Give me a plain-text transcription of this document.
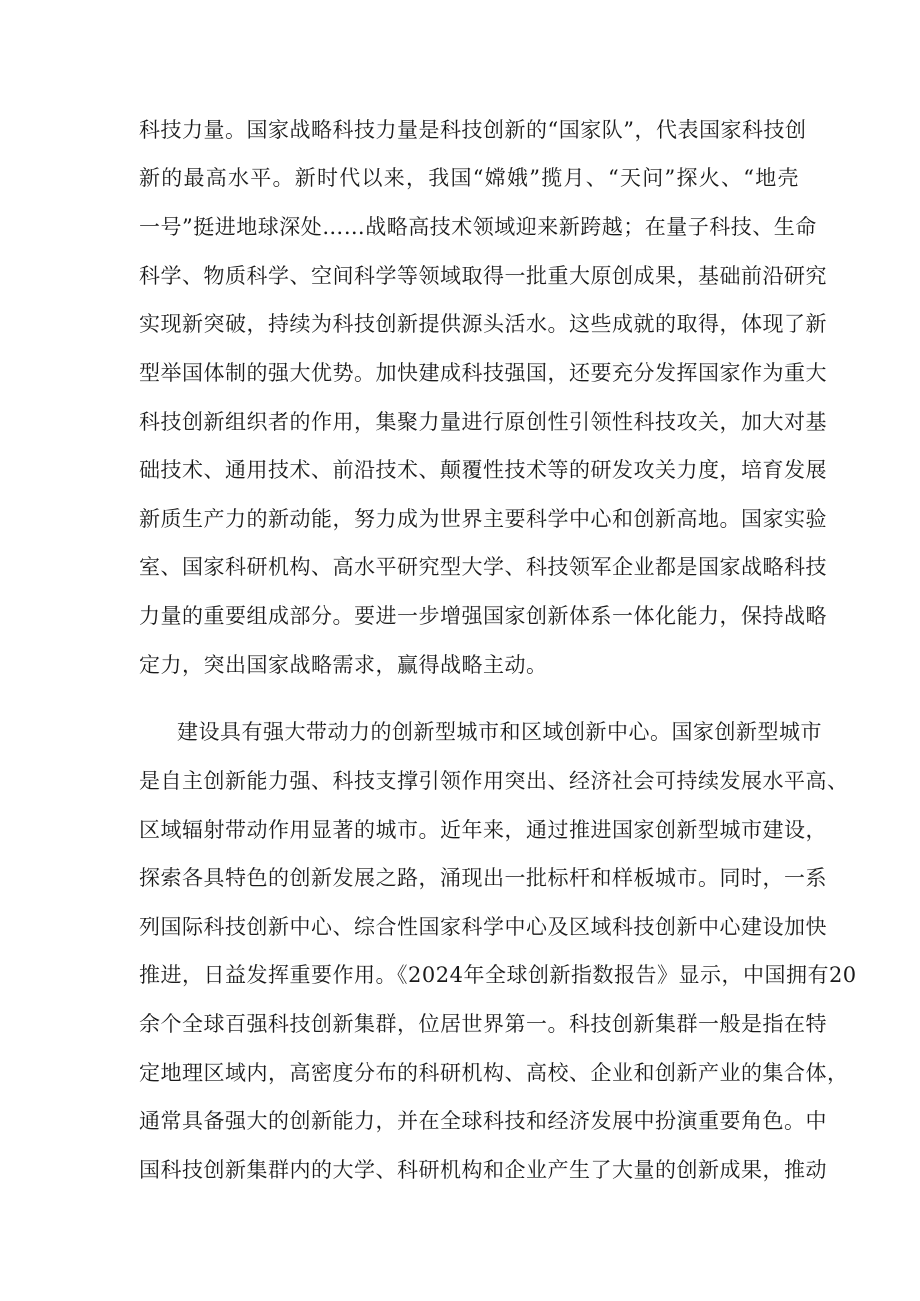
科技力量。国家战略科技力量是科技创新的“国家队”，代表国家科技创
新的最高水平。新时代以来，我国“嫦娥”揽月、“天问”探火、“地壳
一号”挺进地球深处……战略高技术领域迎来新跨越；在量子科技、生命
科学、物质科学、空间科学等领域取得一批重大原创成果，基础前沿研究
实现新突破，持续为科技创新提供源头活水。这些成就的取得，体现了新
型举国体制的强大优势。加快建成科技强国，还要充分发挥国家作为重大
科技创新组织者的作用，集聚力量进行原创性引领性科技攻关，加大对基
础技术、通用技术、前沿技术、颠覆性技术等的研发攻关力度，培育发展
新质生产力的新动能，努力成为世界主要科学中心和创新高地。国家实验
室、国家科研机构、高水平研究型大学、科技领军企业都是国家战略科技
力量的重要组成部分。要进一步增强国家创新体系一体化能力，保持战略
定力，突出国家战略需求，赢得战略主动。
建设具有强大带动力的创新型城市和区域创新中心。国家创新型城市
是自主创新能力强、科技支撑引领作用突出、经济社会可持续发展水平高、
区域辐射带动作用显著的城市。近年来，通过推进国家创新型城市建设，
探索各具特色的创新发展之路，涌现出一批标杆和样板城市。同时，一系
列国际科技创新中心、综合性国家科学中心及区域科技创新中心建设加快
推进，日益发挥重要作用。《2024年全球创新指数报告》显示，中国拥有20
余个全球百强科技创新集群，位居世界第一。科技创新集群一般是指在特
定地理区域内，高密度分布的科研机构、高校、企业和创新产业的集合体，
通常具备强大的创新能力，并在全球科技和经济发展中扮演重要角色。中
国科技创新集群内的大学、科研机构和企业产生了大量的创新成果，推动
